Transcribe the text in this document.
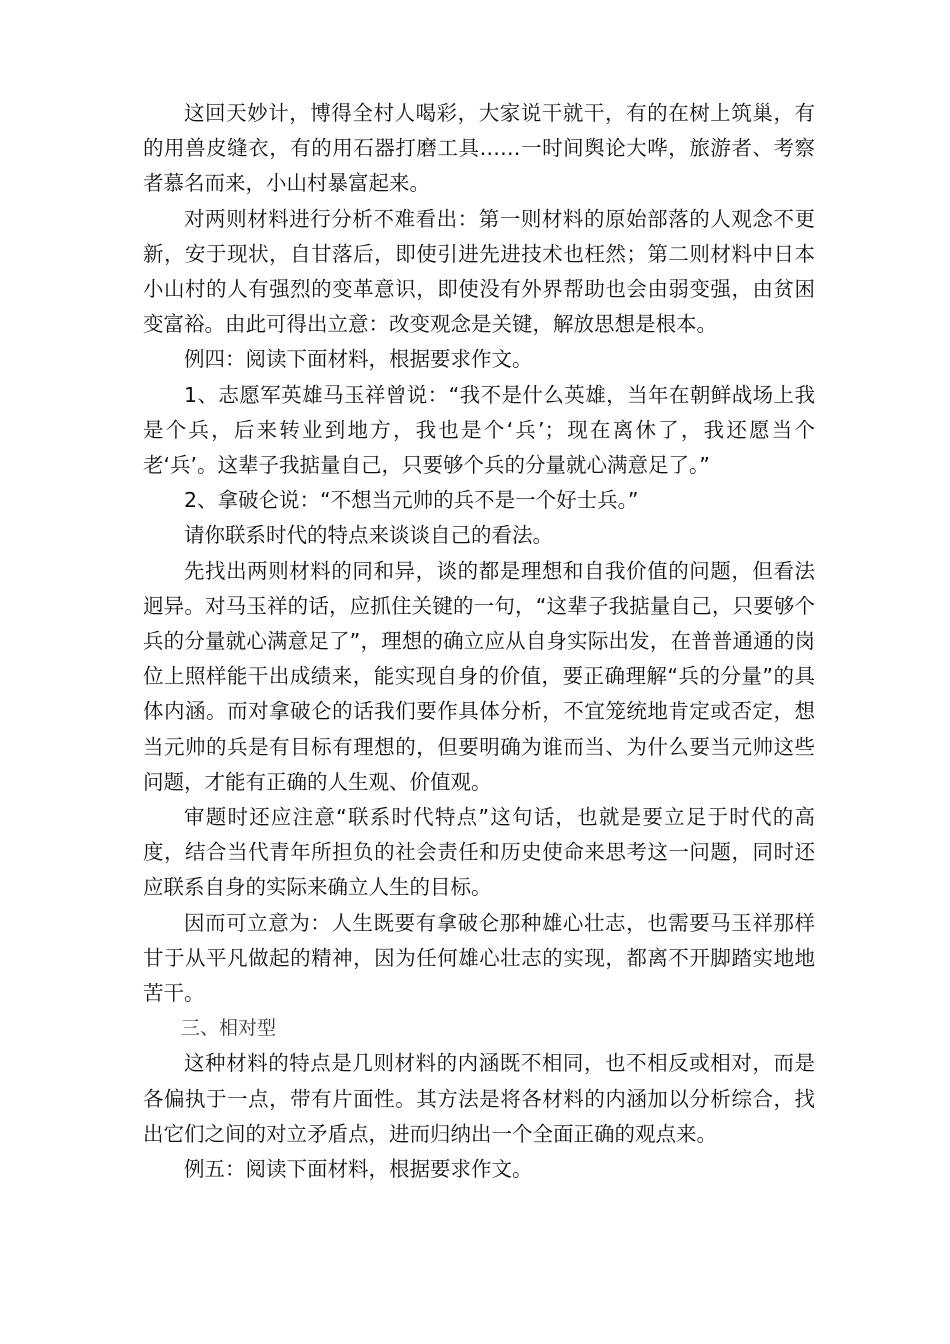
这回天妙计，博得全村人喝彩，大家说干就干，有的在树上筑巢，有的用兽皮缝衣，有的用石器打磨工具……一时间舆论大哗，旅游者、考察者慕名而来，小山村暴富起来。

对两则材料进行分析不难看出：第一则材料的原始部落的人观念不更新，安于现状，自甘落后，即使引进先进技术也枉然；第二则材料中日本小山村的人有强烈的变革意识，即使没有外界帮助也会由弱变强，由贫困变富裕。由此可得出立意：改变观念是关键，解放思想是根本。

例四：阅读下面材料，根据要求作文。

1、志愿军英雄马玉祥曾说：“我不是什么英雄，当年在朝鲜战场上我是个兵，后来转业到地方，我也是个‘兵’；现在离休了，我还愿当个老‘兵’。这辈子我掂量自己，只要够个兵的分量就心满意足了。”

2、拿破仑说：“不想当元帅的兵不是一个好士兵。”

请你联系时代的特点来谈谈自己的看法。

先找出两则材料的同和异，谈的都是理想和自我价值的问题，但看法迥异。对马玉祥的话，应抓住关键的一句，“这辈子我掂量自己，只要够个兵的分量就心满意足了”，理想的确立应从自身实际出发，在普普通通的岗位上照样能干出成绩来，能实现自身的价值，要正确理解“兵的分量”的具体内涵。而对拿破仑的话我们要作具体分析，不宜笼统地肯定或否定，想当元帅的兵是有目标有理想的，但要明确为谁而当、为什么要当元帅这些问题，才能有正确的人生观、价值观。

审题时还应注意“联系时代特点”这句话，也就是要立足于时代的高度，结合当代青年所担负的社会责任和历史使命来思考这一问题，同时还应联系自身的实际来确立人生的目标。

因而可立意为：人生既要有拿破仑那种雄心壮志，也需要马玉祥那样甘于从平凡做起的精神，因为任何雄心壮志的实现，都离不开脚踏实地地苦干。

三、相对型

这种材料的特点是几则材料的内涵既不相同，也不相反或相对，而是各偏执于一点，带有片面性。其方法是将各材料的内涵加以分析综合，找出它们之间的对立矛盾点，进而归纳出一个全面正确的观点来。

例五：阅读下面材料，根据要求作文。
